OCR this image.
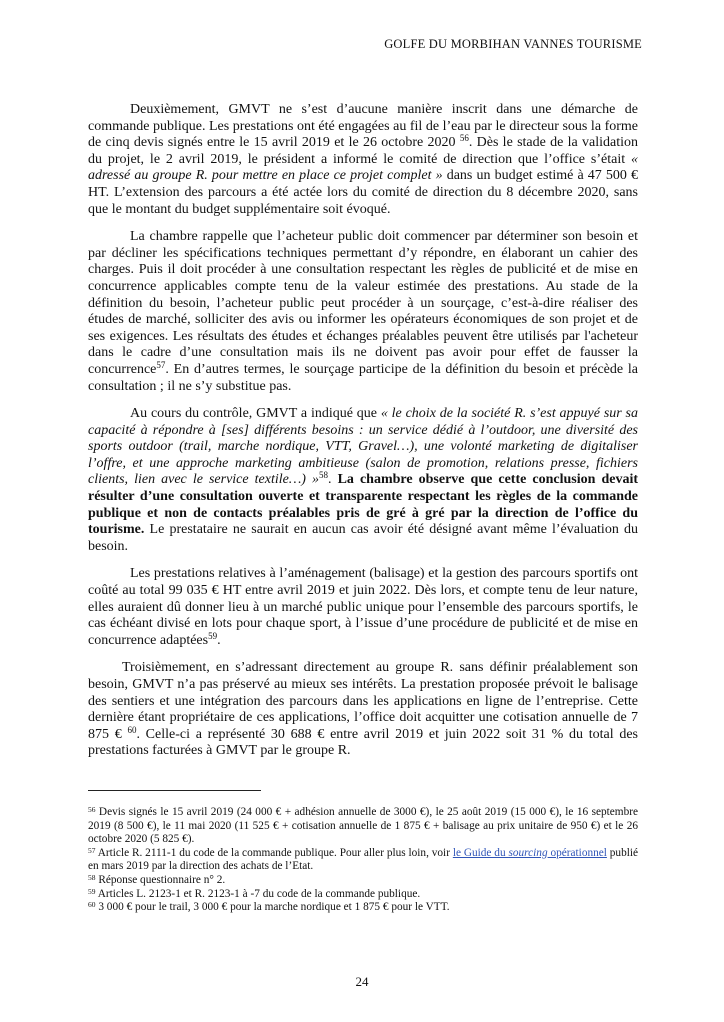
GOLFE DU MORBIHAN VANNES TOURISME

Deuxièmement, GMVT ne s’est d’aucune manière inscrit dans une démarche de commande publique. Les prestations ont été engagées au fil de l’eau par le directeur sous la forme de cinq devis signés entre le 15 avril 2019 et le 26 octobre 2020 $^{56}$. Dès le stade de la validation du projet, le 2 avril 2019, le président a informé le comité de direction que l’office s’était « adressé au groupe R. pour mettre en place ce projet complet » dans un budget estimé à 47 500 € HT. L’extension des parcours a été actée lors du comité de direction du 8 décembre 2020, sans que le montant du budget supplémentaire soit évoqué.

La chambre rappelle que l’acheteur public doit commencer par déterminer son besoin et par décliner les spécifications techniques permettant d’y répondre, en élaborant un cahier des charges. Puis il doit procéder à une consultation respectant les règles de publicité et de mise en concurrence applicables compte tenu de la valeur estimée des prestations. Au stade de la définition du besoin, l’acheteur public peut procéder à un sourçage, c’est-à-dire réaliser des études de marché, solliciter des avis ou informer les opérateurs économiques de son projet et de ses exigences. Les résultats des études et échanges préalables peuvent être utilisés par l'acheteur dans le cadre d’une consultation mais ils ne doivent pas avoir pour effet de fausser la concurrence$^{57}$. En d’autres termes, le sourçage participe de la définition du besoin et précède la consultation ; il ne s’y substitue pas.

Au cours du contrôle, GMVT a indiqué que « le choix de la société R. s’est appuyé sur sa capacité à répondre à [ses] différents besoins : un service dédié à l’outdoor, une diversité des sports outdoor (trail, marche nordique, VTT, Gravel…), une volonté marketing de digitaliser l’offre, et une approche marketing ambitieuse (salon de promotion, relations presse, fichiers clients, lien avec le service textile…) »$^{58}$. La chambre observe que cette conclusion devait résulter d’une consultation ouverte et transparente respectant les règles de la commande publique et non de contacts préalables pris de gré à gré par la direction de l’office du tourisme. Le prestataire ne saurait en aucun cas avoir été désigné avant même l’évaluation du besoin.

Les prestations relatives à l’aménagement (balisage) et la gestion des parcours sportifs ont coûté au total 99 035 € HT entre avril 2019 et juin 2022. Dès lors, et compte tenu de leur nature, elles auraient dû donner lieu à un marché public unique pour l’ensemble des parcours sportifs, le cas échéant divisé en lots pour chaque sport, à l’issue d’une procédure de publicité et de mise en concurrence adaptées$^{59}$.

Troisièmement, en s’adressant directement au groupe R. sans définir préalablement son besoin, GMVT n’a pas préservé au mieux ses intérêts. La prestation proposée prévoit le balisage des sentiers et une intégration des parcours dans les applications en ligne de l’entreprise. Cette dernière étant propriétaire de ces applications, l’office doit acquitter une cotisation annuelle de 7 875 € $^{60}$. Celle-ci a représenté 30 688 € entre avril 2019 et juin 2022 soit 31 % du total des prestations facturées à GMVT par le groupe R.

$^{56}$ Devis signés le 15 avril 2019 (24 000 € + adhésion annuelle de 3000 €), le 25 août 2019 (15 000 €), le 16 septembre 2019 (8 500 €), le 11 mai 2020 (11 525 € + cotisation annuelle de 1 875 € + balisage au prix unitaire de 950 €) et le 26 octobre 2020 (5 825 €).

$^{57}$ Article R. 2111-1 du code de la commande publique. Pour aller plus loin, voir le Guide du sourcing opérationnel publié en mars 2019 par la direction des achats de l’Etat.

$^{58}$ Réponse questionnaire n° 2.

$^{59}$ Articles L. 2123-1 et R. 2123-1 à -7 du code de la commande publique.

$^{60}$ 3 000 € pour le trail, 3 000 € pour la marche nordique et 1 875 € pour le VTT.

24
